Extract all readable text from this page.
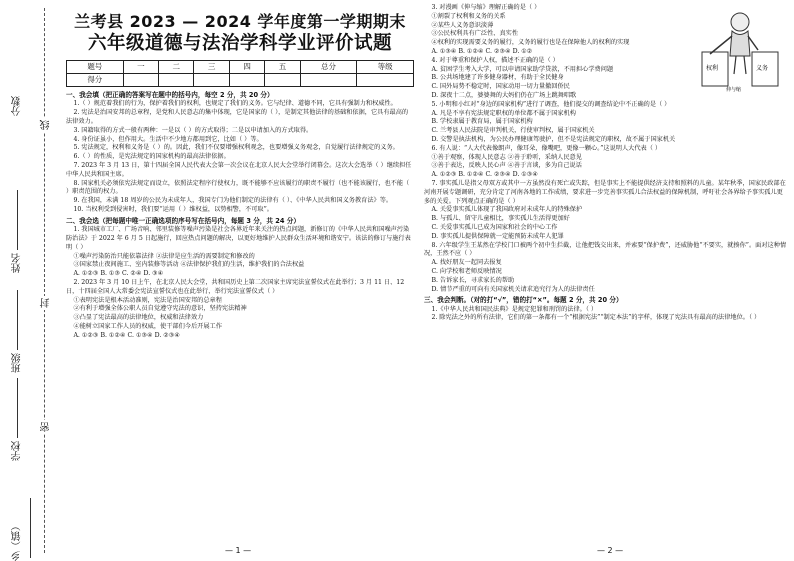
线
封
密
分数
姓名
班级
学校
乡（镇）
兰考县 2023 — 2024 学年度第一学期期末
六年级道德与法治学科学业评价试题
题号	一	二	三	四	五	总分	等级
得分							

一、我会填（把正确的答案写在题中的括号内，每空 2 分，共 20 分）

1.（ ）规范着我们的行为，保护着我们的权利，也规定了我们的义务。它与纪律、道德不同，它具有强制力和权威性。

2. 宪法是治国安邦的总章程，是党和人民意志的集中体现，它是国家的（ ），是制定其他法律的基础和依据，它具有最高的法律效力。

3. 国籍取得的方式一般有两种：一是以（ ）的方式取得；二是以申请加入的方式取得。

4. 身份证虽小，但作用大。生活中不少地方都用到它，比如（ ）等。

5. 宪法规定，权利和义务是（ ）的。因此，我们不仅要增强权利观念，也要增强义务观念，自觉履行法律规定的义务。

6.（ ）的性质，是宪法规定的国家机构的最高法律依据。

7. 2023 年 3 月 13 日，第十四届全国人民代表大会第一次会议在北京人民大会堂举行闭幕会。这次大会选举（ ）继续担任中华人民共和国主席。

8. 国家机关必须依宪法规定而设立，依照法定程序行使权力，既不能够不应该履行的职责不履行（也不能该履行，也不能（ ）职责范围的权力。

9. 在我国，未满 18 周岁的公民为未成年人，我国专门为他们制定的法律有（ ）、《中华人民共和国义务教育法》等。

10. 当权利受到侵害时，我们要“运用（ ）维权益，以势相警，不可取”。

二、我会选（把每题中唯一正确选项的序号写在括号内，每题 3 分，共 24 分）

1. 我国城市工厂、广场音响、邻里装修等噪声污染是社会各界近年来关注的热点问题，新修订的《中华人民共和国噪声污染防治法》于 2022 年 6 月 5 日起施行，回应热点问题的解决，以更好地维护人民群众生活环境和谐安宁。该法的修订与施行表明（ ）

①噪声污染防治只能依靠法律 ②法律是应生活的需要制定和修改的

③国家禁止夜间施工、室内装修等活动 ④法律保护我们的生活，维护我们的合法权益

A. ①②③ B. ①③ C. ②④ D. ③④

2. 2023 年 3 月 10 日上午，在北京人民大会堂，共和国历史上第二次国家主席宪法宣誓仪式在此举行；3 月 11 日、12 日，十四届全国人大常委会宪法宣誓仪式也在此举行，举行宪法宣誓仪式（ ）

①表明宪法是根本活动准则，宪法是治国安邦的总章程

②有利于增强全体公职人员自觉遵守宪法的意识，坚持宪法精神

③凸显了宪法最高的法律地位，权威和法律效力

④能树立国家工作人员的权威，使干部们今后开展工作

A. ①②③ B. ①②④ C. ①③④ D. ②③④

3. 对漫画《伸与缩》理解正确的是（ ）

①割裂了权利和义务的关系

②某些人义务意识淡薄

③公民权利具有广泛性、真实性

④权利的实现需要义务的履行，义务的履行也是在保障他人的权利的实现

A. ①③④ B. ①②④ C. ②③④ D. ①②

4. 对于尊重和保护人权，描述不正确的是（ ）

A. 贫困学生考入大学，可以申请国家助学贷款，不用担心学费问题

B. 公共场地建了许多健身器材，有助于全民健身

C. 国外局势不稳定时，国家动用一切力量撤回侨民

D. 深夜十二点，婆婆舞的大妈们仍在广场上跳舞唱歌

5. 小明和小红对“身边的国家机构”进行了调查，他们提交的调查结论中不正确的是（ ）

A. 凡是不享有宪法规定职权的单位都不属于国家机构

B. 学校隶属于教育局，属于国家机构

C. 兰考县人民法院是审判机关，行使审判权，属于国家机关

D. 交警是执法机构，为公民办理健康驾驶护，但不是宪法规定的职权，故不属于国家机关

6. 有人说：“人大代表像朗声，像耳朵，像嘴吧，更像一颗心。”这说明人大代表（ ）

①善于观察，体现人民意志 ②善于聆听，采纳人民意见

③善于表达，反映人民心声 ④善于言谈，多为自己说话

A. ①②③ B. ①②④ C. ②③④ D. ①③④

7. 事实孤儿是指父母双方或其中一方虽然没有死亡或失踪，但是事实上不能提供经济支持和照料的儿童。某年秋季，国家民政部在河南开展专题调研，充分肯定了河南各地的工作成绩，要求进一步完善事实孤儿合法权益的保障机制，呼吁社会各界给予事实孤儿更多的关爱。下列观点正确的是（ ）

A. 关爱事实孤儿体现了我国政府对未成年人的特殊保护

B. 与孤儿、留守儿童相比，事实孤儿生活得更加好

C. 关爱事实孤儿已成为国家和社会的中心工作

D. 事实孤儿提供保障就一定能预防未成年人犯罪

8. 六年级学生王某然在学校门口被两个初中生拦截，让他把钱交出来，并索要“保护费”，还威胁他“不要实，就揍你”。面对这种情况，王然不应（ ）

A. 找好朋友一起同去报复

C. 向学校和老师反映情况

B. 告诉家长，寻求家长的帮助

D. 情节严重的可向有关国家机关请求追究行为人的法律责任

三、我会判断。（对的打“√”，错的打“×”。每题 2 分，共 20 分）

1.《中华人民共和国民法典》是规定犯罪和刑罚的法律。（ ）

2. 除宪法之外的所有法律，它们的第一条都有一个“根据宪法”“制定本法”的字样，体现了宪法具有最高的法律地位。（ ）

权利	义务
伸与缩
— 1 —	— 2 —
